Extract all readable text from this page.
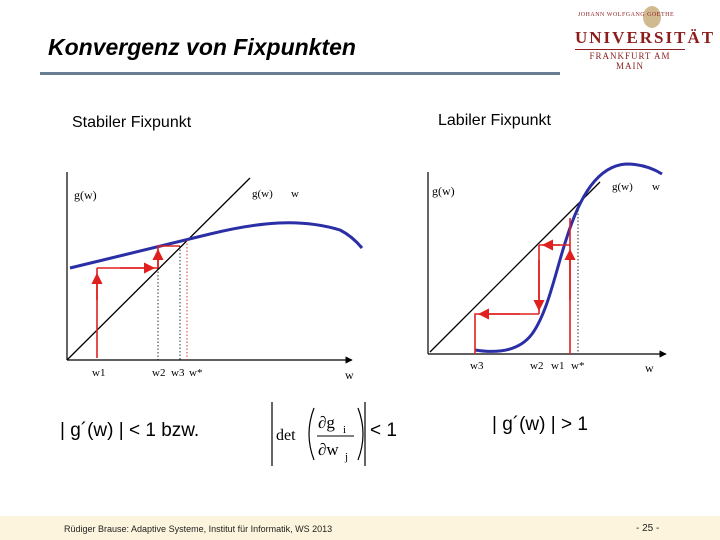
Konvergenz von Fixpunkten
JOHANN WOLFGANG GOETHE
UNIVERSITÄT
FRANKFURT AM MAIN
Stabiler Fixpunkt	Labiler Fixpunkt
g(w)	g(w) w
w
w1	w2 w3 w*
g(w)	g(w) w
w
w3	w2 w1 w*
det
∂g i
∂w j
| g´(w) | < 1 bzw.	< 1	| g´(w) | > 1
Rüdiger Brause: Adaptive Systeme, Institut für Informatik, WS 2013	- 25 -
